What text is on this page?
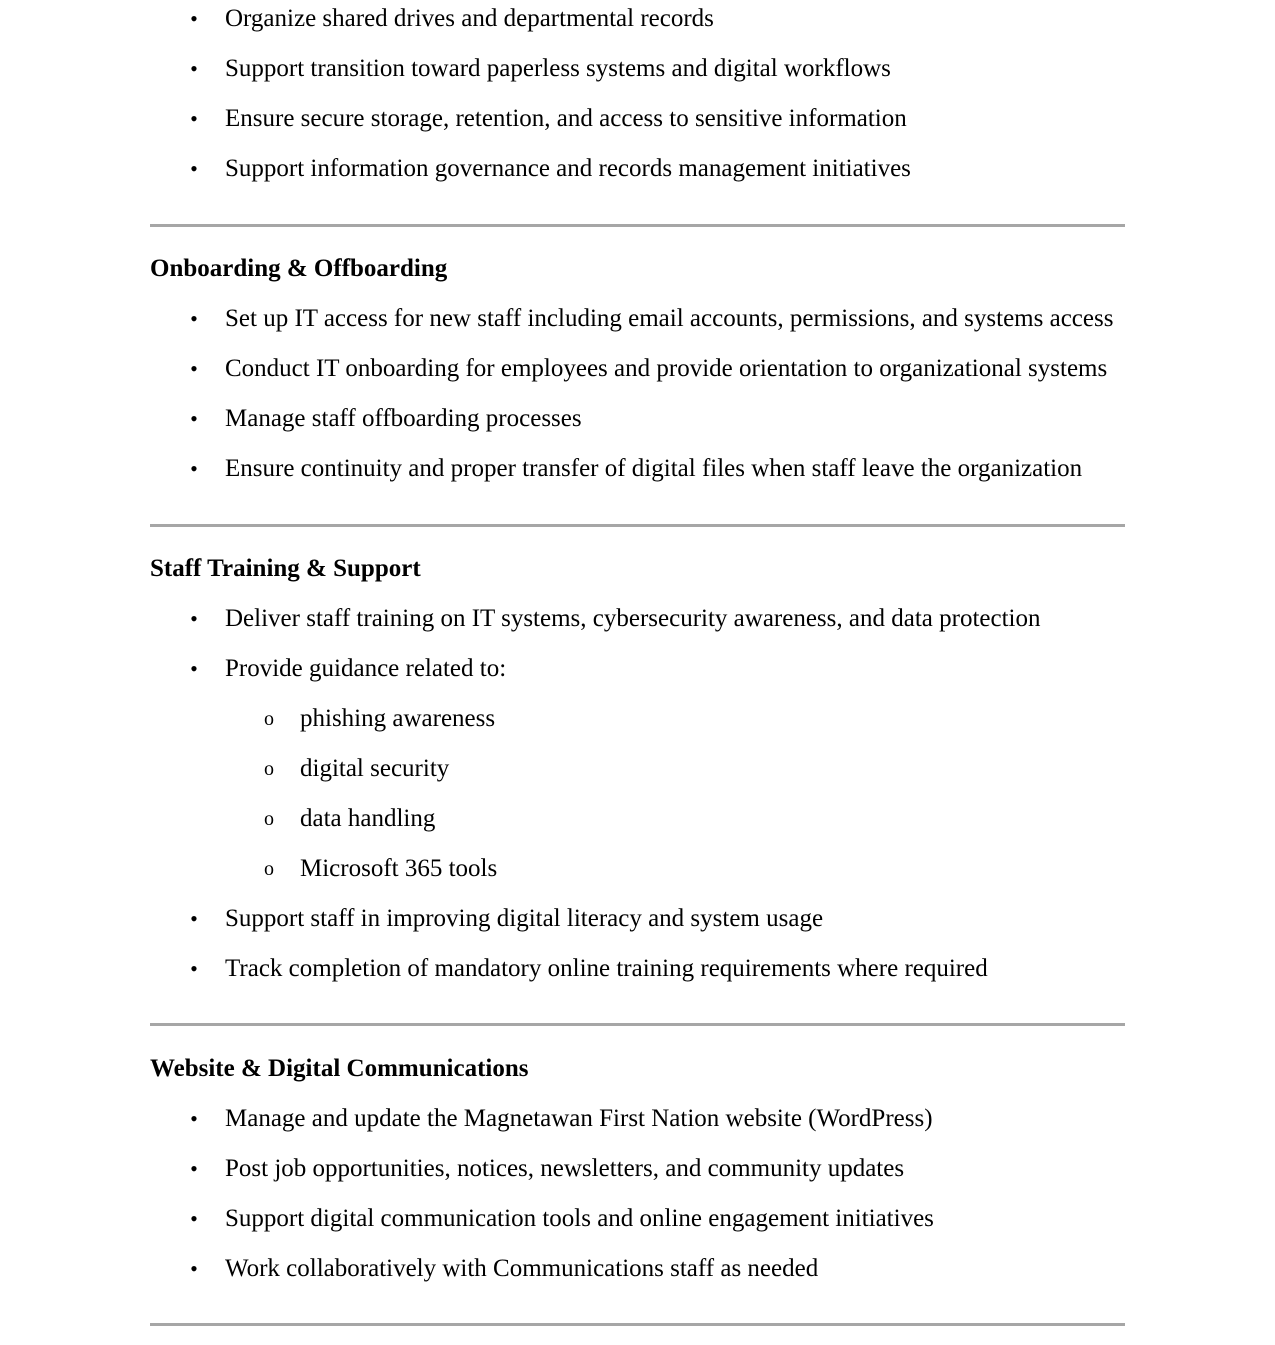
• Organize shared drives and departmental records
• Support transition toward paperless systems and digital workflows
• Ensure secure storage, retention, and access to sensitive information
• Support information governance and records management initiatives
Onboarding & Offboarding
• Set up IT access for new staff including email accounts, permissions, and systems access
• Conduct IT onboarding for employees and provide orientation to organizational systems
• Manage staff offboarding processes
• Ensure continuity and proper transfer of digital files when staff leave the organization
Staff Training & Support
• Deliver staff training on IT systems, cybersecurity awareness, and data protection
• Provide guidance related to:
o phishing awareness
o digital security
o data handling
o Microsoft 365 tools
• Support staff in improving digital literacy and system usage
• Track completion of mandatory online training requirements where required
Website & Digital Communications
• Manage and update the Magnetawan First Nation website (WordPress)
• Post job opportunities, notices, newsletters, and community updates
• Support digital communication tools and online engagement initiatives
• Work collaboratively with Communications staff as needed
